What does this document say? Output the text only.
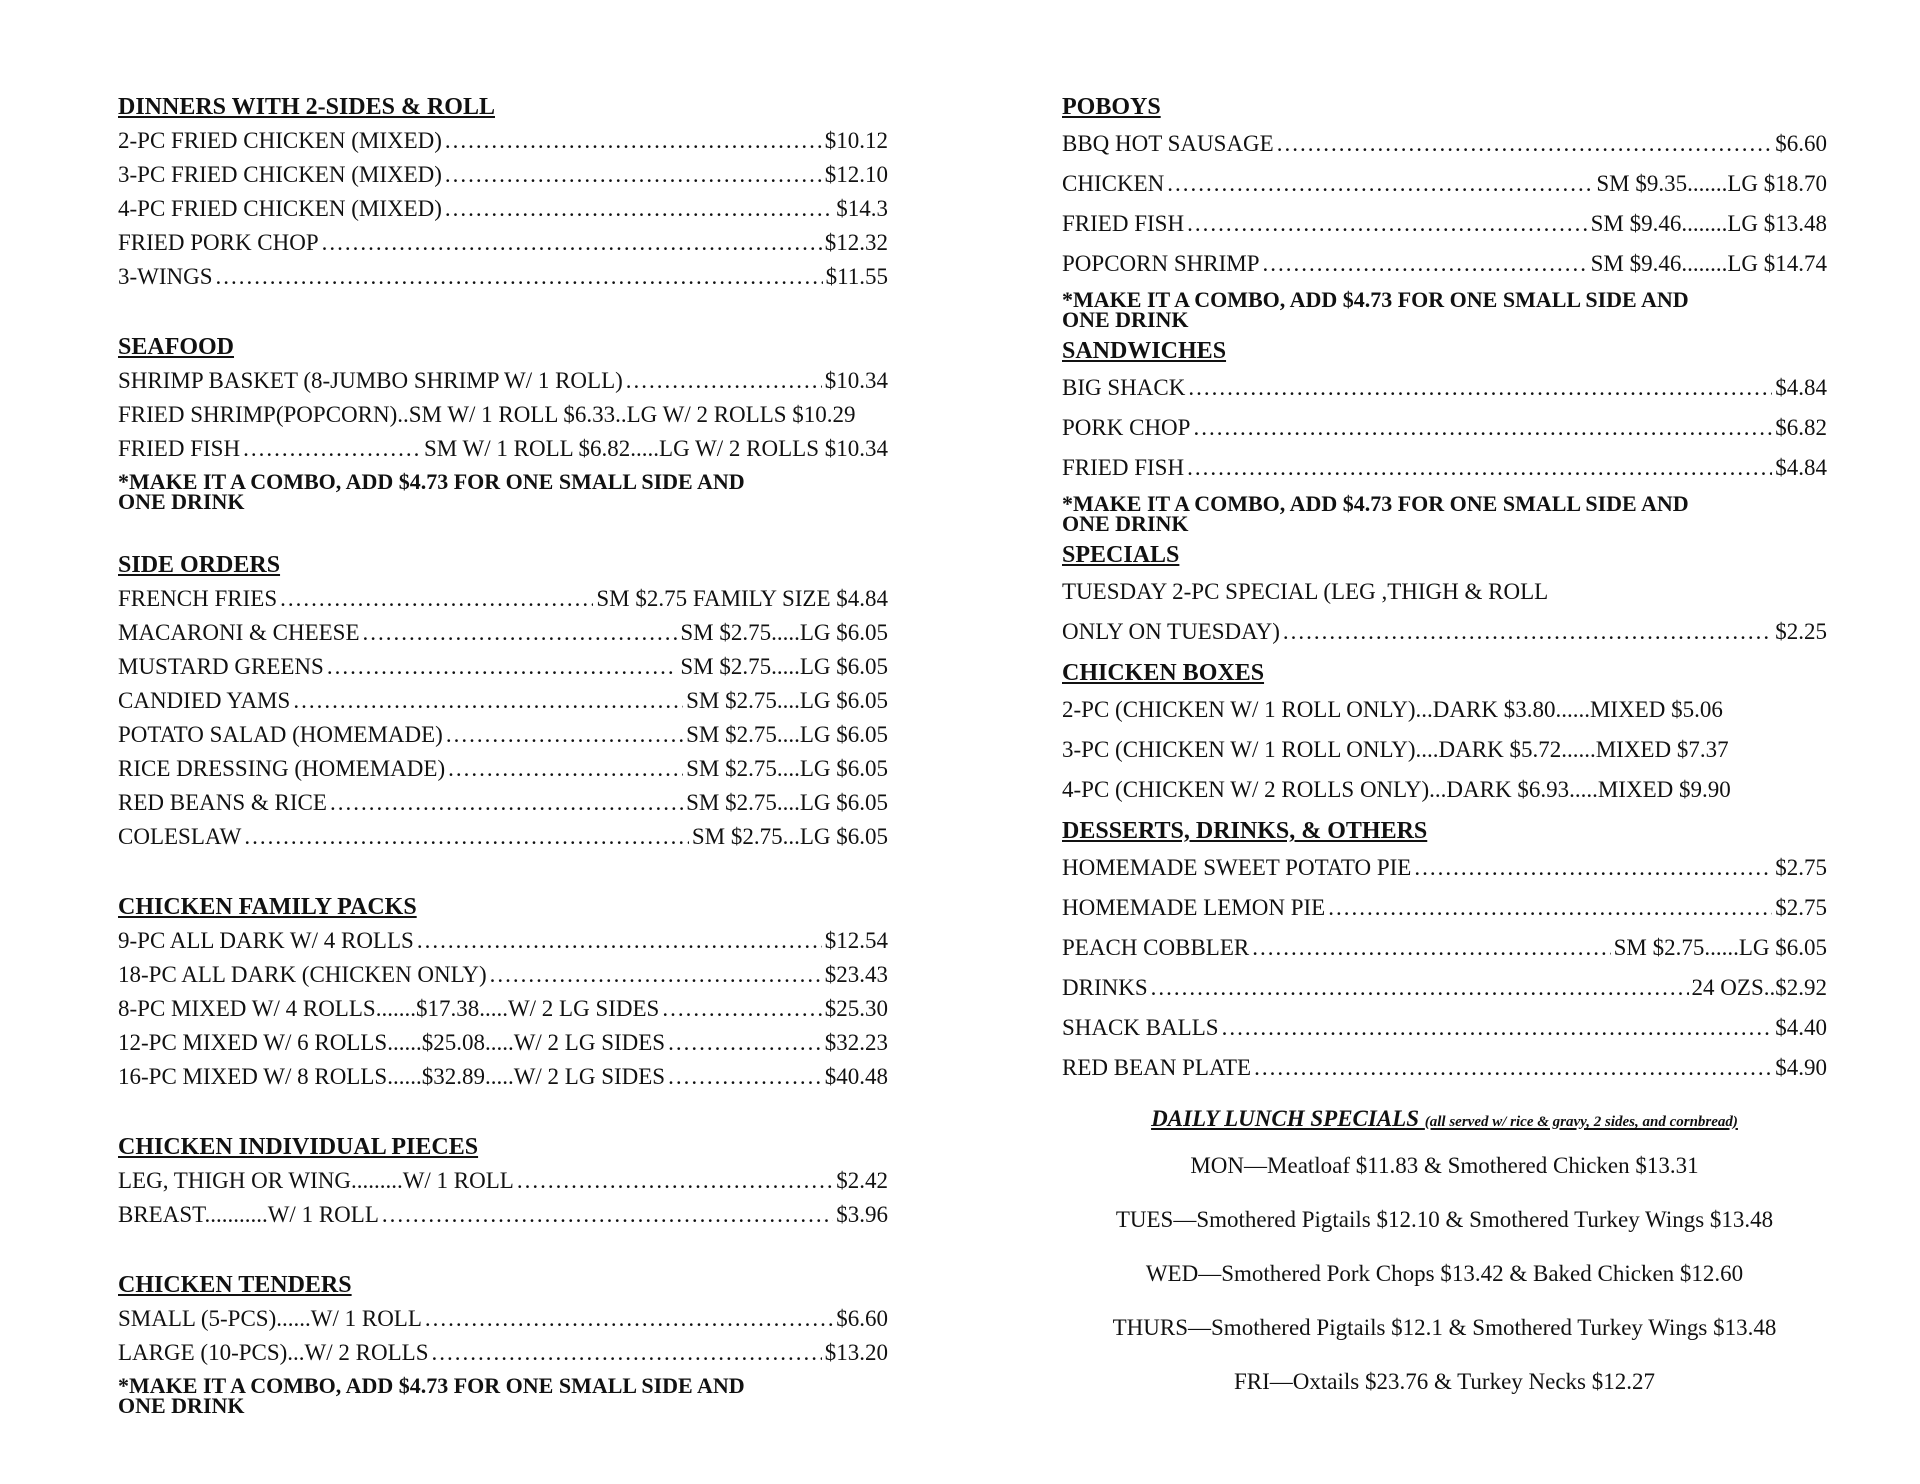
DINNERS WITH 2-SIDES & ROLL
2-PC FRIED CHICKEN (MIXED) .....	$10.12
3-PC FRIED CHICKEN (MIXED) .....	$12.10
4-PC FRIED CHICKEN (MIXED) .....	$14.3
FRIED PORK CHOP .....	$12.32
3-WINGS .....	$11.55
SEAFOOD
SHRIMP BASKET (8-JUMBO SHRIMP W/ 1 ROLL) .....	$10.34
FRIED SHRIMP(POPCORN)..SM W/ 1 ROLL $6.33..LG W/ 2 ROLLS $10.29
FRIED FISH .....	SM W/ 1 ROLL $6.82.....LG W/ 2 ROLLS $10.34
*MAKE IT A COMBO, ADD $4.73 FOR ONE SMALL SIDE AND
ONE DRINK
SIDE ORDERS
FRENCH FRIES .....	SM $2.75 FAMILY SIZE $4.84
MACARONI & CHEESE .....	SM $2.75.....LG $6.05
MUSTARD GREENS .....	SM $2.75.....LG $6.05
CANDIED YAMS .....	SM $2.75....LG $6.05
POTATO SALAD (HOMEMADE) .....	SM $2.75....LG $6.05
RICE DRESSING (HOMEMADE) .....	SM $2.75....LG $6.05
RED BEANS & RICE .....	SM $2.75....LG $6.05
COLESLAW .....	SM $2.75...LG $6.05
CHICKEN FAMILY PACKS
9-PC ALL DARK W/ 4 ROLLS .....	$12.54
18-PC ALL DARK (CHICKEN ONLY) .....	$23.43
8-PC MIXED W/ 4 ROLLS.......$17.38.....W/ 2 LG SIDES .....	$25.30
12-PC MIXED W/ 6 ROLLS......$25.08.....W/ 2 LG SIDES .....	$32.23
16-PC MIXED W/ 8 ROLLS......$32.89.....W/ 2 LG SIDES .....	$40.48
CHICKEN INDIVIDUAL PIECES
LEG, THIGH OR WING.........W/ 1 ROLL .....	$2.42
BREAST...........W/ 1 ROLL .....	$3.96
CHICKEN TENDERS
SMALL (5-PCS)......W/ 1 ROLL .....	$6.60
LARGE (10-PCS)...W/ 2 ROLLS .....	$13.20
*MAKE IT A COMBO, ADD $4.73 FOR ONE SMALL SIDE AND
ONE DRINK
POBOYS
BBQ HOT SAUSAGE .....	$6.60
CHICKEN .....	SM $9.35.......LG $18.70
FRIED FISH .....	SM $9.46........LG $13.48
POPCORN SHRIMP .....	SM $9.46........LG $14.74
*MAKE IT A COMBO, ADD $4.73 FOR ONE SMALL SIDE AND
ONE DRINK
SANDWICHES
BIG SHACK .....	$4.84
PORK CHOP .....	$6.82
FRIED FISH .....	$4.84
*MAKE IT A COMBO, ADD $4.73 FOR ONE SMALL SIDE AND
ONE DRINK
SPECIALS
TUESDAY 2-PC SPECIAL (LEG ,THIGH & ROLL
ONLY ON TUESDAY) .....	$2.25
CHICKEN BOXES
2-PC (CHICKEN W/ 1 ROLL ONLY)...DARK $3.80......MIXED $5.06
3-PC (CHICKEN W/ 1 ROLL ONLY)....DARK $5.72......MIXED $7.37
4-PC (CHICKEN W/ 2 ROLLS ONLY)...DARK $6.93.....MIXED $9.90
DESSERTS, DRINKS, & OTHERS
HOMEMADE SWEET POTATO PIE .....	$2.75
HOMEMADE LEMON PIE .....	$2.75
PEACH COBBLER .....	SM $2.75......LG $6.05
DRINKS .....	24 OZS..$2.92
SHACK BALLS .....	$4.40
RED BEAN PLATE .....	$4.90
DAILY LUNCH SPECIALS (all served w/ rice & gravy, 2 sides, and cornbread)
MON—Meatloaf $11.83 & Smothered Chicken $13.31
TUES—Smothered Pigtails $12.10 & Smothered Turkey Wings $13.48
WED—Smothered Pork Chops $13.42 & Baked Chicken $12.60
THURS—Smothered Pigtails $12.1 & Smothered Turkey Wings $13.48
FRI—Oxtails $23.76 & Turkey Necks $12.27
